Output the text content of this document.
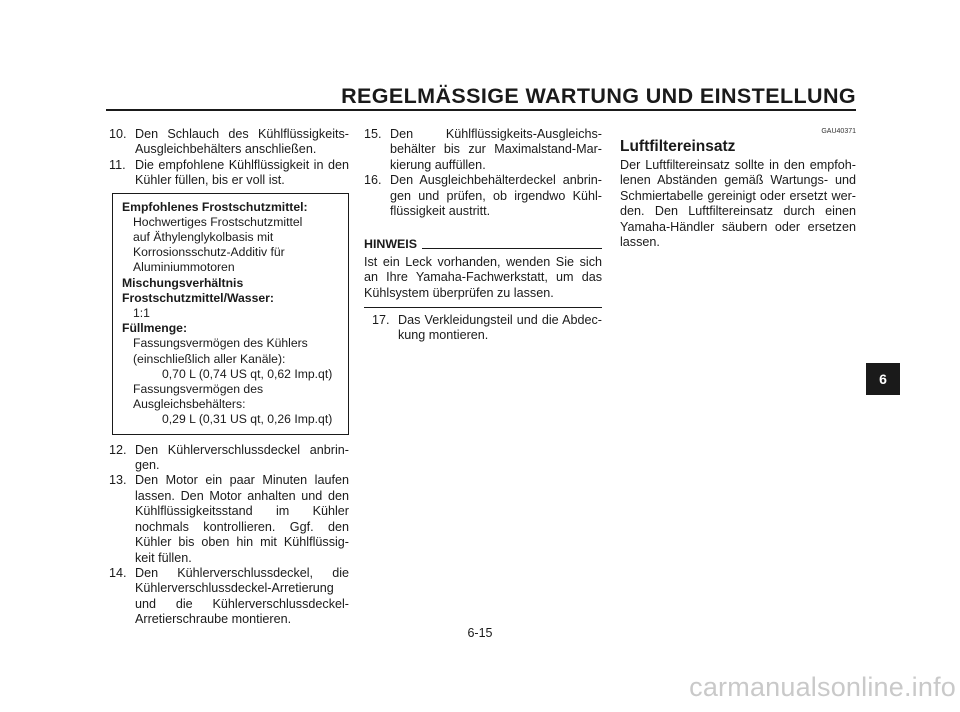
REGELMÄSSIGE WARTUNG UND EINSTELLUNG
10. Den Schlauch des Kühlflüssigkeits-Ausgleichbehälters anschließen.
11. Die empfohlene Kühlflüssigkeit in den Kühler füllen, bis er voll ist.
Empfohlenes Frostschutzmittel:
Hochwertiges Frostschutzmittel
auf Äthylenglykolbasis mit
Korrosionsschutz-Additiv für
Aluminiummotoren
Mischungsverhältnis
Frostschutzmittel/Wasser:
1:1
Füllmenge:
Fassungsvermögen des Kühlers
(einschließlich aller Kanäle):
0,70 L (0,74 US qt, 0,62 Imp.qt)
Fassungsvermögen des
Ausgleichsbehälters:
0,29 L (0,31 US qt, 0,26 Imp.qt)
12. Den Kühlerverschlussdeckel anbrin-gen.
13. Den Motor ein paar Minuten laufen lassen. Den Motor anhalten und den Kühlflüssigkeitsstand im Kühler nochmals kontrollieren. Ggf. den Kühler bis oben hin mit Kühlflüssig-keit füllen.
14. Den Kühlerverschlussdeckel, die Kühlerverschlussdeckel-Arretierung und die Kühlerverschlussdeckel-Arretierschraube montieren.
15. Den Kühlflüssigkeits-Ausgleichs-behälter bis zur Maximalstand-Mar-kierung auffüllen.
16. Den Ausgleichbehälterdeckel anbrin-gen und prüfen, ob irgendwo Kühl-flüssigkeit austritt.
HINWEIS

Ist ein Leck vorhanden, wenden Sie sich an Ihre Yamaha-Fachwerkstatt, um das Kühlsystem überprüfen zu lassen.

17. Das Verkleidungsteil und die Abdec-kung montieren.
GAU40371
Luftfiltereinsatz

Der Luftfiltereinsatz sollte in den empfoh-lenen Abständen gemäß Wartungs- und Schmiertabelle gereinigt oder ersetzt wer-den. Den Luftfiltereinsatz durch einen Yamaha-Händler säubern oder ersetzen lassen.

6
6-15
carmanualsonline.info
